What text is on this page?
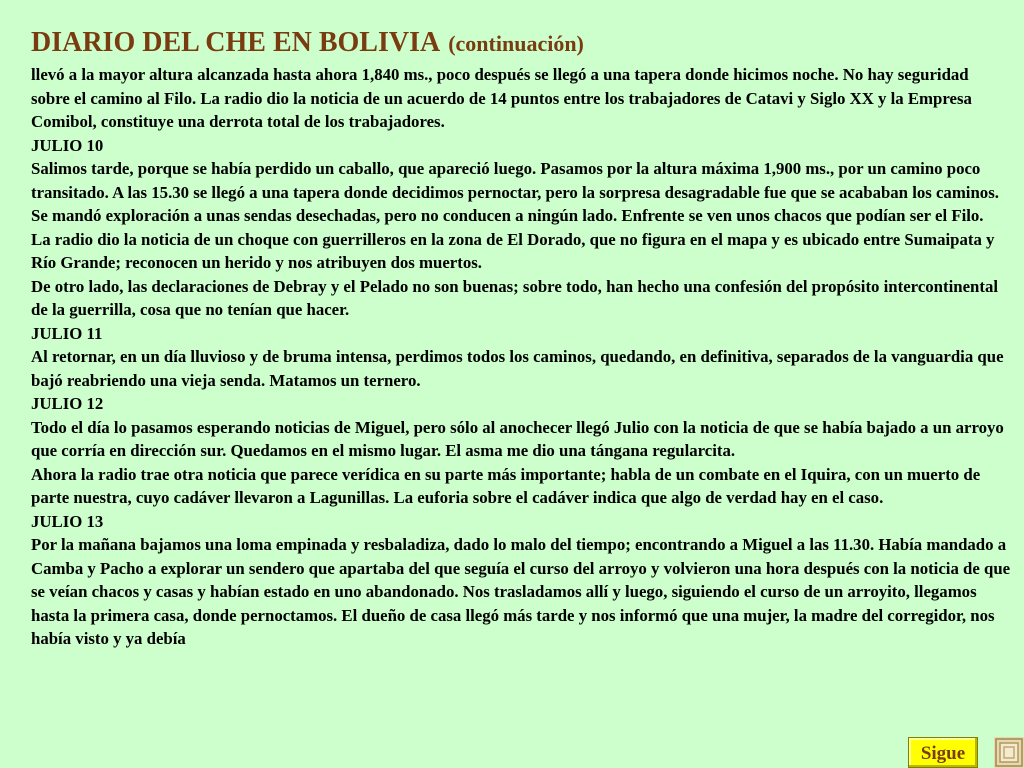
DIARIO DEL CHE EN BOLIVIA (continuación)

llevó a la mayor altura alcanzada hasta ahora 1,840 ms., poco después se llegó a una tapera donde hicimos noche. No hay seguridad sobre el camino al Filo. La radio dio la noticia de un acuerdo de 14 puntos entre los trabajadores de Catavi y Siglo XX y la Empresa Comibol, constituye una derrota total de los trabajadores.

JULIO 10

Salimos tarde, porque se había perdido un caballo, que apareció luego. Pasamos por la altura máxima 1,900 ms., por un camino poco transitado. A las 15.30 se llegó a una tapera donde decidimos pernoctar, pero la sorpresa desagradable fue que se acababan los caminos. Se mandó exploración a unas sendas desechadas, pero no conducen a ningún lado. Enfrente se ven unos chacos que podían ser el Filo.

La radio dio la noticia de un choque con guerrilleros en la zona de El Dorado, que no figura en el mapa y es ubicado entre Sumaipata y Río Grande; reconocen un herido y nos atribuyen dos muertos.

De otro lado, las declaraciones de Debray y el Pelado no son buenas; sobre todo, han hecho una confesión del propósito intercontinental de la guerrilla, cosa que no tenían que hacer.

JULIO 11

Al retornar, en un día lluvioso y de bruma intensa, perdimos todos los caminos, quedando, en definitiva, separados de la vanguardia que bajó reabriendo una vieja senda. Matamos un ternero.

JULIO 12

Todo el día lo pasamos esperando noticias de Miguel, pero sólo al anochecer llegó Julio con la noticia de que se había bajado a un arroyo que corría en dirección sur. Quedamos en el mismo lugar. El asma me dio una tángana regularcita.

Ahora la radio trae otra noticia que parece verídica en su parte más importante; habla de un combate en el Iquira, con un muerto de parte nuestra, cuyo cadáver llevaron a Lagunillas. La euforia sobre el cadáver indica que algo de verdad hay en el caso.

JULIO 13

Por la mañana bajamos una loma empinada y resbaladiza, dado lo malo del tiempo; encontrando a Miguel a las 11.30. Había mandado a Camba y Pacho a explorar un sendero que apartaba del que seguía el curso del arroyo y volvieron una hora después con la noticia de que se veían chacos y casas y habían estado en uno abandonado. Nos trasladamos allí y luego, siguiendo el curso de un arroyito, llegamos hasta la primera casa, donde pernoctamos. El dueño de casa llegó más tarde y nos informó que una mujer, la madre del corregidor, nos había visto y ya debía

Sigue
